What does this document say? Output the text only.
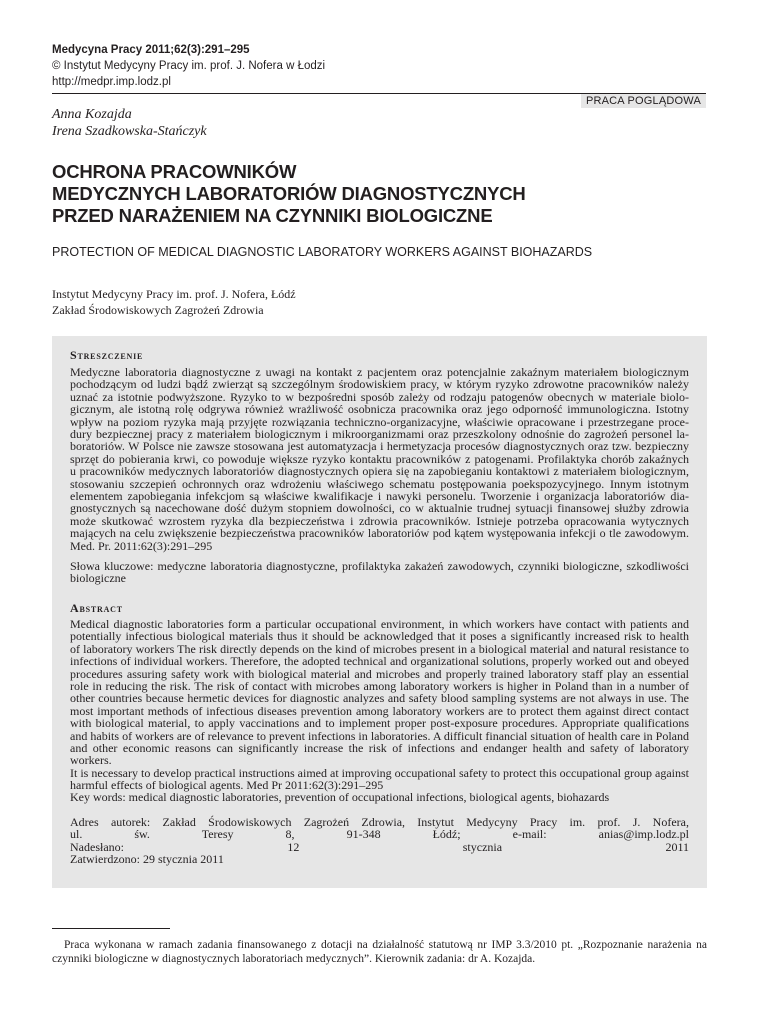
Medycyna Pracy 2011;62(3):291–295
© Instytut Medycyny Pracy im. prof. J. Nofera w Łodzi
http://medpr.imp.lodz.pl
PRACA POGLĄDOWA
Anna Kozajda
Irena Szadkowska-Stańczyk
OCHRONA PRACOWNIKÓW
MEDYCZNYCH LABORATORIÓW DIAGNOSTYCZNYCH
PRZED NARAŻENIEM NA CZYNNIKI BIOLOGICZNE
PROTECTION OF MEDICAL DIAGNOSTIC LABORATORY WORKERS AGAINST BIOHAZARDS
Instytut Medycyny Pracy im. prof. J. Nofera, Łódź
Zakład Środowiskowych Zagrożeń Zdrowia
Streszczenie
Medyczne laboratoria diagnostyczne z uwagi na kontakt z pacjentem oraz potencjalnie zakaźnym materiałem biologicznym
pochodzącym od ludzi bądź zwierząt są szczególnym środowiskiem pracy, w którym ryzyko zdrowotne pracowników należy
uznać za istotnie podwyższone. Ryzyko to w bezpośredni sposób zależy od rodzaju patogenów obecnych w materiale biolo-
gicznym, ale istotną rolę odgrywa również wrażliwość osobnicza pracownika oraz jego odporność immunologiczna. Istotny
wpływ na poziom ryzyka mają przyjęte rozwiązania techniczno-organizacyjne, właściwie opracowane i przestrzegane proce-
dury bezpiecznej pracy z materiałem biologicznym i mikroorganizmami oraz przeszkolony odnośnie do zagrożeń personel la-
boratoriów. W Polsce nie zawsze stosowana jest automatyzacja i hermetyzacja procesów diagnostycznych oraz tzw. bezpieczny
sprzęt do pobierania krwi, co powoduje większe ryzyko kontaktu pracowników z patogenami. Profilaktyka chorób zakaźnych
u pracowników medycznych laboratoriów diagnostycznych opiera się na zapobieganiu kontaktowi z materiałem biologicznym,
stosowaniu szczepień ochronnych oraz wdrożeniu właściwego schematu postępowania poekspozycyjnego. Innym istotnym
elementem zapobiegania infekcjom są właściwe kwalifikacje i nawyki personelu. Tworzenie i organizacja laboratoriów dia-
gnostycznych są nacechowane dość dużym stopniem dowolności, co w aktualnie trudnej sytuacji finansowej służby zdrowia
może skutkować wzrostem ryzyka dla bezpieczeństwa i zdrowia pracowników. Istnieje potrzeba opracowania wytycznych
mających na celu zwiększenie bezpieczeństwa pracowników laboratoriów pod kątem występowania infekcji o tle zawodowym.
Med. Pr. 2011:62(3):291–295
Słowa kluczowe: medyczne laboratoria diagnostyczne, profilaktyka zakażeń zawodowych, czynniki biologiczne, szkodliwości
biologiczne
Abstract
Medical diagnostic laboratories form a particular occupational environment, in which workers have contact with patients and
potentially infectious biological materials thus it should be acknowledged that it poses a significantly increased risk to health
of laboratory workers The risk directly depends on the kind of microbes present in a biological material and natural resistance to
infections of individual workers. Therefore, the adopted technical and organizational solutions, properly worked out and obeyed
procedures assuring safety work with biological material and microbes and properly trained laboratory staff play an essential
role in reducing the risk. The risk of contact with microbes among laboratory workers is higher in Poland than in a number of
other countries because hermetic devices for diagnostic analyzes and safety blood sampling systems are not always in use. The
most important methods of infectious diseases prevention among laboratory workers are to protect them against direct contact
with biological material, to apply vaccinations and to implement proper post-exposure procedures. Appropriate qualifications
and habits of workers are of relevance to prevent infections in laboratories. A difficult financial situation of health care in Poland
and other economic reasons can significantly increase the risk of infections and endanger health and safety of laboratory workers.
It is necessary to develop practical instructions aimed at improving occupational safety to protect this occupational group against
harmful effects of biological agents. Med Pr 2011:62(3):291–295
Key words: medical diagnostic laboratories, prevention of occupational infections, biological agents, biohazards
Adres autorek: Zakład Środowiskowych Zagrożeń Zdrowia, Instytut Medycyny Pracy im. prof. J. Nofera,
ul. św. Teresy 8, 91-348 Łódź; e-mail: anias@imp.lodz.pl
Nadesłano: 12 stycznia 2011
Zatwierdzono: 29 stycznia 2011
Praca wykonana w ramach zadania finansowanego z dotacji na działalność statutową nr IMP 3.3/2010 pt. „Rozpoznanie narażenia na czynniki biologiczne w diagnostycznych laboratoriach medycznych”. Kierownik zadania: dr A. Kozajda.
